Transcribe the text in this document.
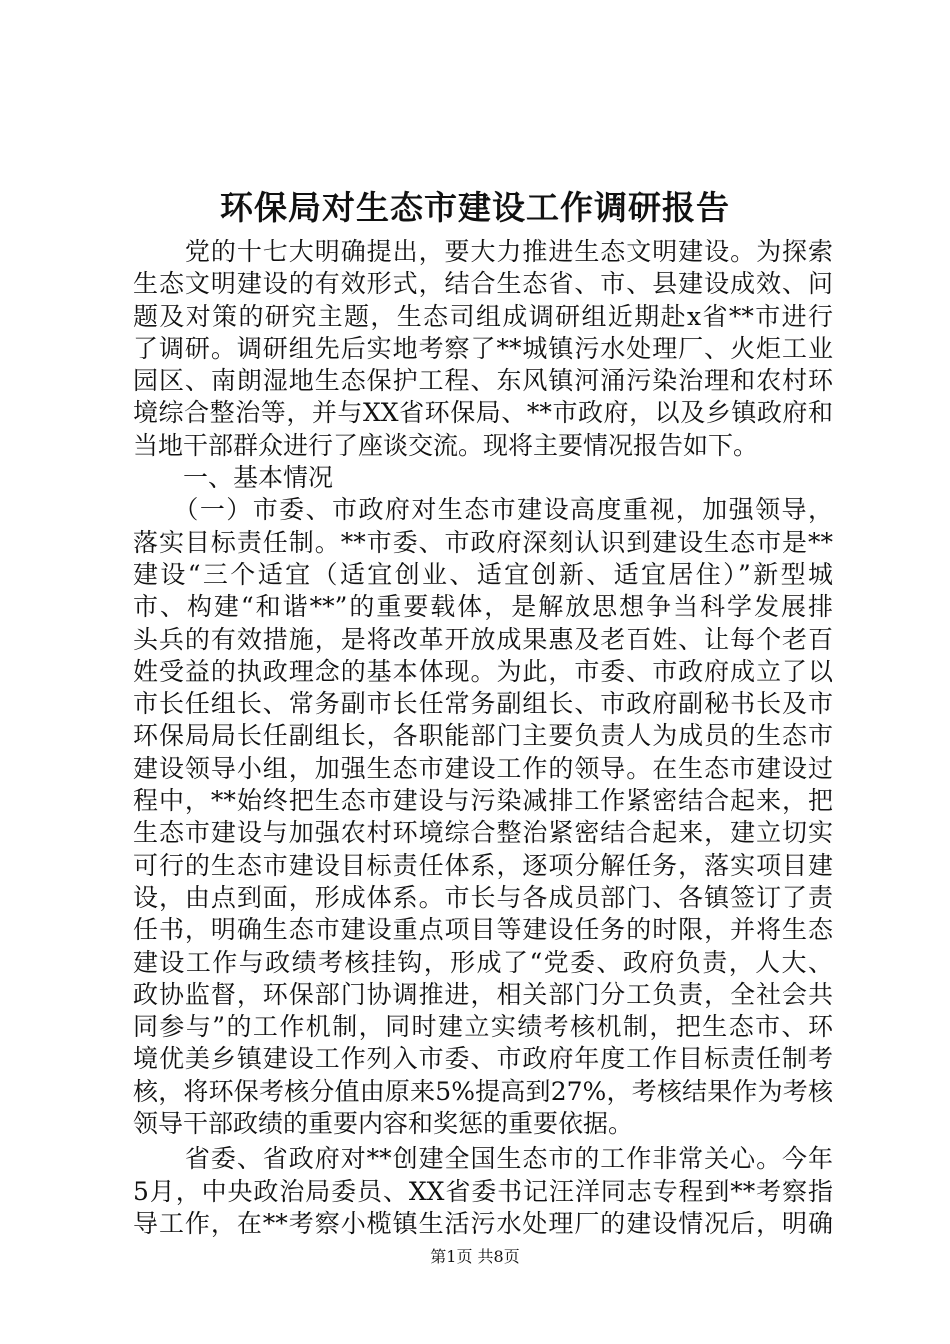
环保局对生态市建设工作调研报告
　　党的十七大明确提出，要大力推进生态文明建设。为探索
生态文明建设的有效形式，结合生态省、市、县建设成效、问
题及对策的研究主题，生态司组成调研组近期赴x省**市进行
了调研。调研组先后实地考察了**城镇污水处理厂、火炬工业
园区、南朗湿地生态保护工程、东风镇河涌污染治理和农村环
境综合整治等，并与XX省环保局、**市政府，以及乡镇政府和
当地干部群众进行了座谈交流。现将主要情况报告如下。
　　一、基本情况
　　（一）市委、市政府对生态市建设高度重视，加强领导，
落实目标责任制。**市委、市政府深刻认识到建设生态市是**
建设“三个适宜（适宜创业、适宜创新、适宜居住）”新型城
市、构建“和谐**”的重要载体，是解放思想争当科学发展排
头兵的有效措施，是将改革开放成果惠及老百姓、让每个老百
姓受益的执政理念的基本体现。为此，市委、市政府成立了以
市长任组长、常务副市长任常务副组长、市政府副秘书长及市
环保局局长任副组长，各职能部门主要负责人为成员的生态市
建设领导小组，加强生态市建设工作的领导。在生态市建设过
程中，**始终把生态市建设与污染减排工作紧密结合起来，把
生态市建设与加强农村环境综合整治紧密结合起来，建立切实
可行的生态市建设目标责任体系，逐项分解任务，落实项目建
设，由点到面，形成体系。市长与各成员部门、各镇签订了责
任书，明确生态市建设重点项目等建设任务的时限，并将生态
建设工作与政绩考核挂钩，形成了“党委、政府负责，人大、
政协监督，环保部门协调推进，相关部门分工负责，全社会共
同参与”的工作机制，同时建立实绩考核机制，把生态市、环
境优美乡镇建设工作列入市委、市政府年度工作目标责任制考
核，将环保考核分值由原来5%提高到27%，考核结果作为考核
领导干部政绩的重要内容和奖惩的重要依据。
　　省委、省政府对**创建全国生态市的工作非常关心。今年
5月，中央政治局委员、XX省委书记汪洋同志专程到**考察指
导工作，在**考察小榄镇生活污水处理厂的建设情况后，明确
第1页 共8页
